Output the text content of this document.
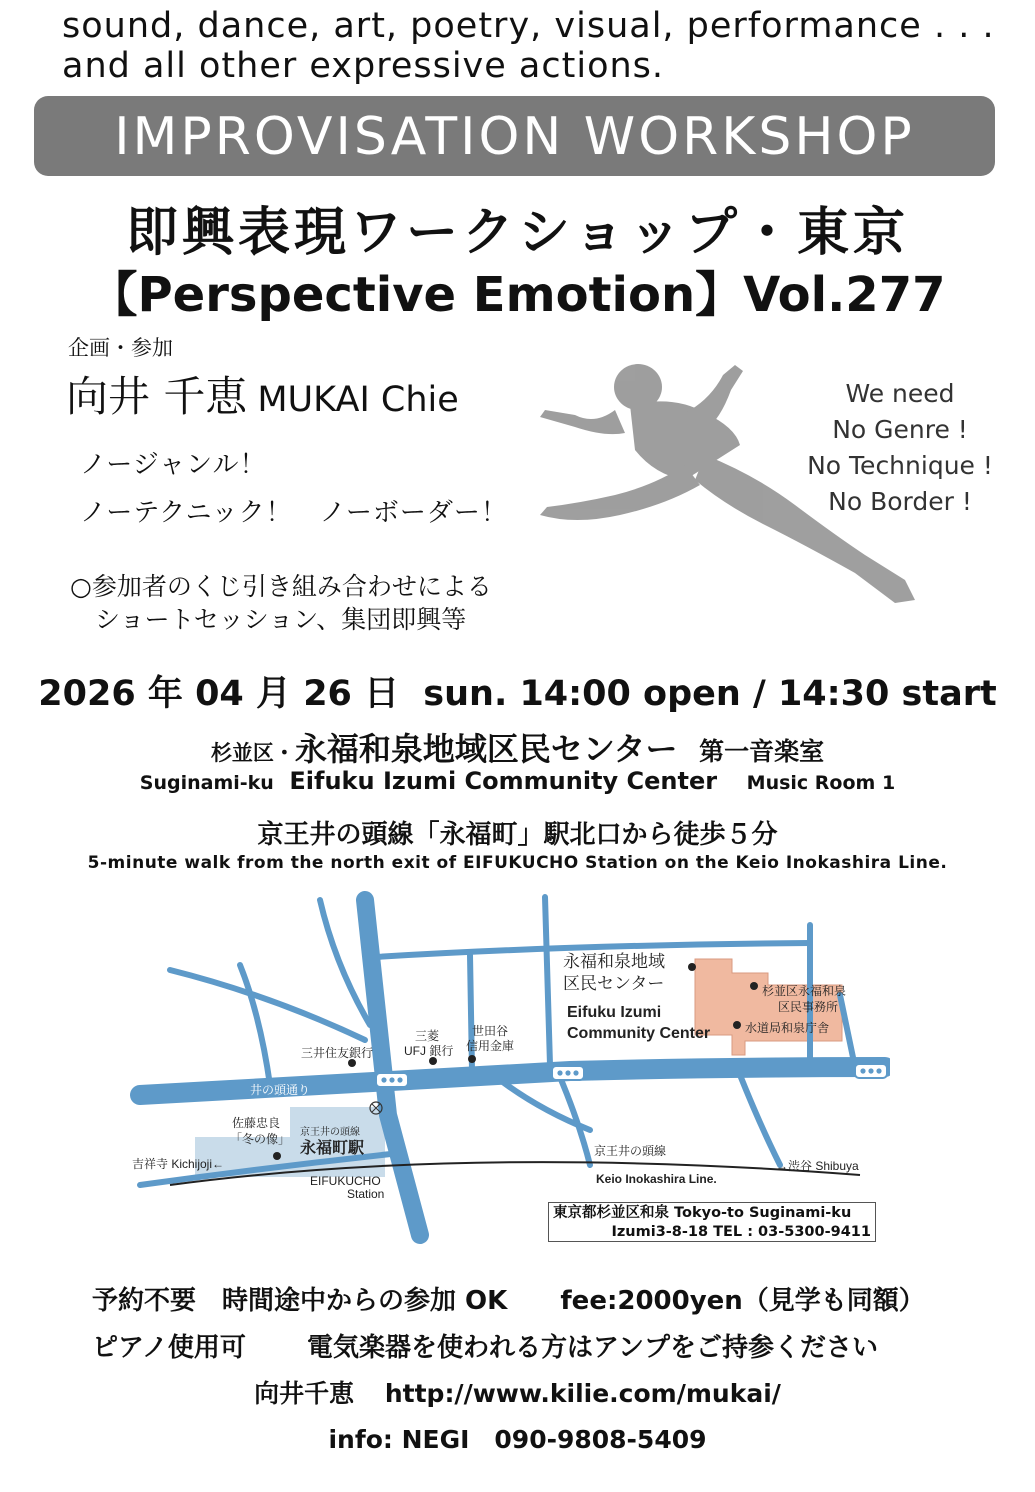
sound, dance, art, poetry, visual, performance . . .
and all other expressive actions.
IMPROVISATION WORKSHOP
即興表現ワークショップ・東京
【Perspective Emotion】Vol.277
企画・参加
向井 千恵 MUKAI Chie
ノージャンル！
ノーテクニック！　ノーボーダー！
○参加者のくじ引き組み合わせによる
　ショートセッション、集団即興等
We need
No Genre !
No Technique !
No Border !
2026 年 04 月 26 日 sun. 14:00 open / 14:30 start
杉並区・永福和泉地域区民センター 第一音楽室
Suginami-ku Eifuku Izumi Community Center Music Room 1
京王井の頭線「永福町」駅北口から徒歩５分
5-minute walk from the north exit of EIFUKUCHO Station on the Keio Inokashira Line.
永福和泉地域
区民センター
Eifuku Izumi
Community Center
杉並区永福和泉
区民事務所
水道局和泉庁舎
三井住友銀行
三菱
UFJ 銀行
世田谷
信用金庫
井の頭通り
佐藤忠良
「冬の像」 京王井の頭線
永福町駅
EIFUKUCHO
Station
吉祥寺 Kichijoji←	→渋谷 Shibuya
京王井の頭線
Keio Inokashira Line.
東京都杉並区和泉 Tokyo-to Suginami-ku
Izumi3-8-18 TEL : 03-5300-9411
予約不要　時間途中からの参加 OK fee:2000yen（見学も同額）
ピアノ使用可 電気楽器を使われる方はアンプをご持参ください
向井千恵 http://www.kilie.com/mukai/
info: NEGI　090-9808-5409
